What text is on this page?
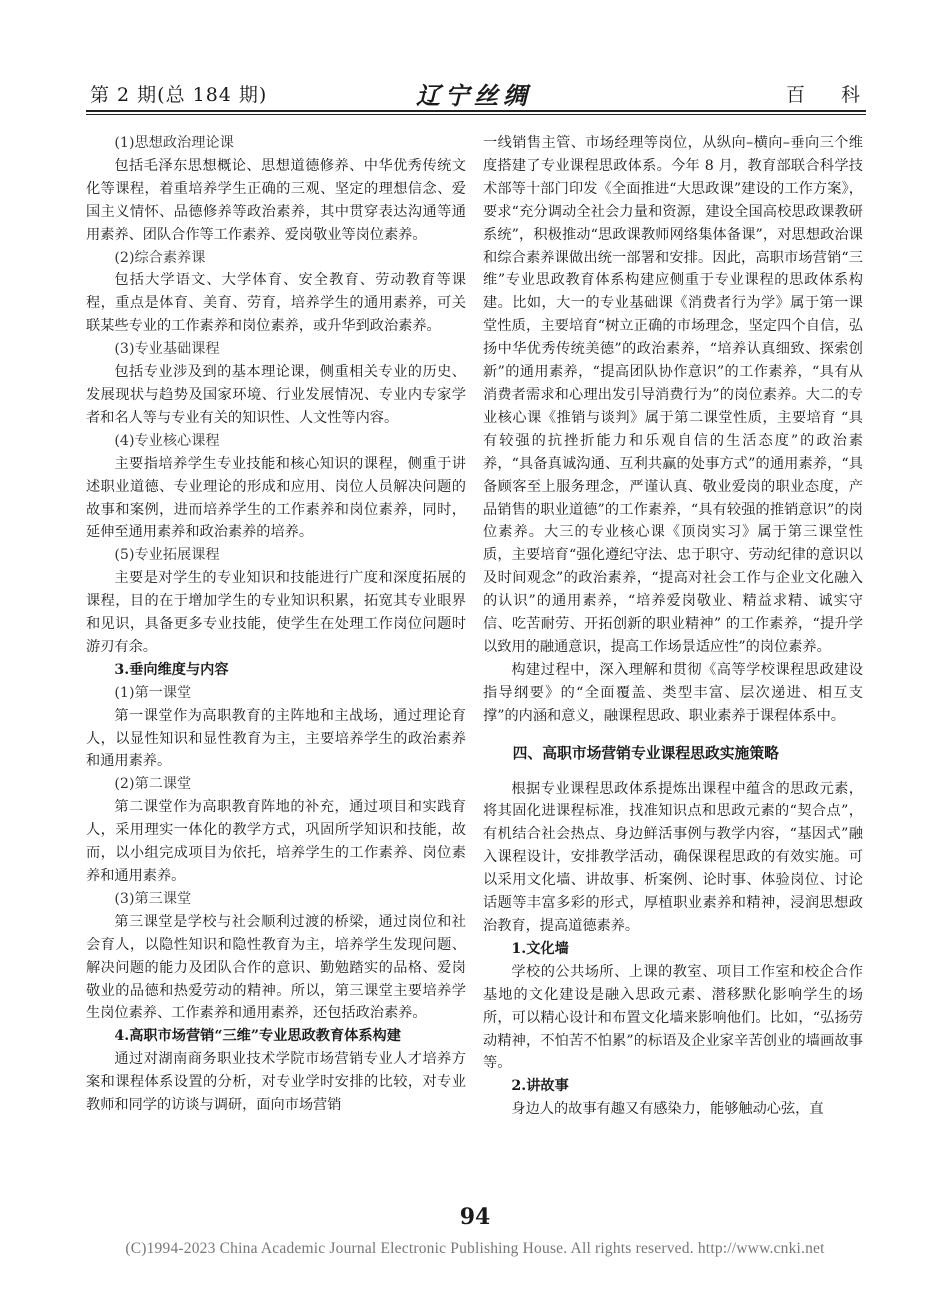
第 2 期(总 184 期)	辽宁丝绸	百科

(1)思想政治理论课

包括毛泽东思想概论、思想道德修养、中华优秀传统文化等课程，着重培养学生正确的三观、坚定的理想信念、爱国主义情怀、品德修养等政治素养，其中贯穿表达沟通等通用素养、团队合作等工作素养、爱岗敬业等岗位素养。

(2)综合素养课

包括大学语文、大学体育、安全教育、劳动教育等课程，重点是体育、美育、劳育，培养学生的通用素养，可关联某些专业的工作素养和岗位素养，或升华到政治素养。

(3)专业基础课程

包括专业涉及到的基本理论课，侧重相关专业的历史、发展现状与趋势及国家环境、行业发展情况、专业内专家学者和名人等与专业有关的知识性、人文性等内容。

(4)专业核心课程

主要指培养学生专业技能和核心知识的课程，侧重于讲述职业道德、专业理论的形成和应用、岗位人员解决问题的故事和案例，进而培养学生的工作素养和岗位素养，同时，延伸至通用素养和政治素养的培养。

(5)专业拓展课程

主要是对学生的专业知识和技能进行广度和深度拓展的课程，目的在于增加学生的专业知识积累，拓宽其专业眼界和见识，具备更多专业技能，使学生在处理工作岗位问题时游刃有余。

3.垂向维度与内容

(1)第一课堂

第一课堂作为高职教育的主阵地和主战场，通过理论育人，以显性知识和显性教育为主，主要培养学生的政治素养和通用素养。

(2)第二课堂

第二课堂作为高职教育阵地的补充，通过项目和实践育人，采用理实一体化的教学方式，巩固所学知识和技能，故而，以小组完成项目为依托，培养学生的工作素养、岗位素养和通用素养。

(3)第三课堂

第三课堂是学校与社会顺利过渡的桥梁，通过岗位和社会育人，以隐性知识和隐性教育为主，培养学生发现问题、解决问题的能力及团队合作的意识、勤勉踏实的品格、爱岗敬业的品德和热爱劳动的精神。所以，第三课堂主要培养学生岗位素养、工作素养和通用素养，还包括政治素养。

4.高职市场营销“三维”专业思政教育体系构建

通过对湖南商务职业技术学院市场营销专业人才培养方案和课程体系设置的分析，对专业学时安排的比较，对专业教师和同学的访谈与调研，面向市场营销

一线销售主管、市场经理等岗位，从纵向–横向–垂向三个维度搭建了专业课程思政体系。今年 8 月，教育部联合科学技术部等十部门印发《全面推进“大思政课”建设的工作方案》，要求“充分调动全社会力量和资源，建设全国高校思政课教研系统”，积极推动“思政课教师网络集体备课”，对思想政治课和综合素养课做出统一部署和安排。因此，高职市场营销“三维”专业思政教育体系构建应侧重于专业课程的思政体系构建。比如，大一的专业基础课《消费者行为学》属于第一课堂性质，主要培育“树立正确的市场理念，坚定四个自信，弘扬中华优秀传统美德”的政治素养，“培养认真细致、探索创新”的通用素养，“提高团队协作意识”的工作素养，“具有从消费者需求和心理出发引导消费行为”的岗位素养。大二的专业核心课《推销与谈判》属于第二课堂性质，主要培育 “具有较强的抗挫折能力和乐观自信的生活态度”的政治素养，“具备真诚沟通、互利共赢的处事方式”的通用素养，“具备顾客至上服务理念，严谨认真、敬业爱岗的职业态度，产品销售的职业道德”的工作素养，“具有较强的推销意识”的岗位素养。大三的专业核心课《顶岗实习》属于第三课堂性质，主要培育“强化遵纪守法、忠于职守、劳动纪律的意识以及时间观念”的政治素养，“提高对社会工作与企业文化融入的认识”的通用素养，“培养爱岗敬业、精益求精、诚实守信、吃苦耐劳、开拓创新的职业精神” 的工作素养，“提升学以致用的融通意识，提高工作场景适应性”的岗位素养。

构建过程中，深入理解和贯彻《高等学校课程思政建设指导纲要》的“全面覆盖、类型丰富、层次递进、相互支撑”的内涵和意义，融课程思政、职业素养于课程体系中。

四、高职市场营销专业课程思政实施策略

根据专业课程思政体系提炼出课程中蕴含的思政元素，将其固化进课程标准，找准知识点和思政元素的“契合点”，有机结合社会热点、身边鲜活事例与教学内容，“基因式”融入课程设计，安排教学活动，确保课程思政的有效实施。可以采用文化墙、讲故事、析案例、论时事、体验岗位、讨论话题等丰富多彩的形式，厚植职业素养和精神，浸润思想政治教育，提高道德素养。

1.文化墙

学校的公共场所、上课的教室、项目工作室和校企合作基地的文化建设是融入思政元素、潜移默化影响学生的场所，可以精心设计和布置文化墙来影响他们。比如，“弘扬劳动精神，不怕苦不怕累”的标语及企业家辛苦创业的墙画故事等。

2.讲故事

身边人的故事有趣又有感染力，能够触动心弦，直

94
(C)1994-2023 China Academic Journal Electronic Publishing House. All rights reserved. http://www.cnki.net
